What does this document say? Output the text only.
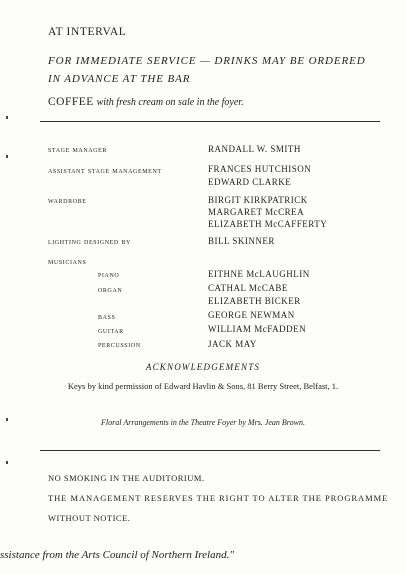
AT INTERVAL
FOR IMMEDIATE SERVICE — DRINKS MAY BE ORDERED
IN ADVANCE AT THE BAR
COFFEE with fresh cream on sale in the foyer.
stage manager	RANDALL W. SMITH
assistant stage management	FRANCES HUTCHISON
EDWARD CLARKE
wardrobe	BIRGIT KIRKPATRICK
MARGARET McCREA
ELIZABETH McCAFFERTY
lighting designed by	BILL SKINNER
musicians
piano	EITHNE McLAUGHLIN
organ	CATHAL McCABE
ELIZABETH BICKER
bass	GEORGE NEWMAN
guitar	WILLIAM McFADDEN
percussion	JACK MAY
ACKNOWLEDGEMENTS
Keys by kind permission of Edward Havlin & Sons, 81 Berry Street, Belfast, 1.
Floral Arrangements in the Theatre Foyer by Mrs. Jean Brown.
NO SMOKING IN THE AUDITORIUM.
THE MANAGEMENT RESERVES THE RIGHT TO ALTER THE PROGRAMME
WITHOUT NOTICE.
ssistance from the Arts Council of Northern Ireland."
